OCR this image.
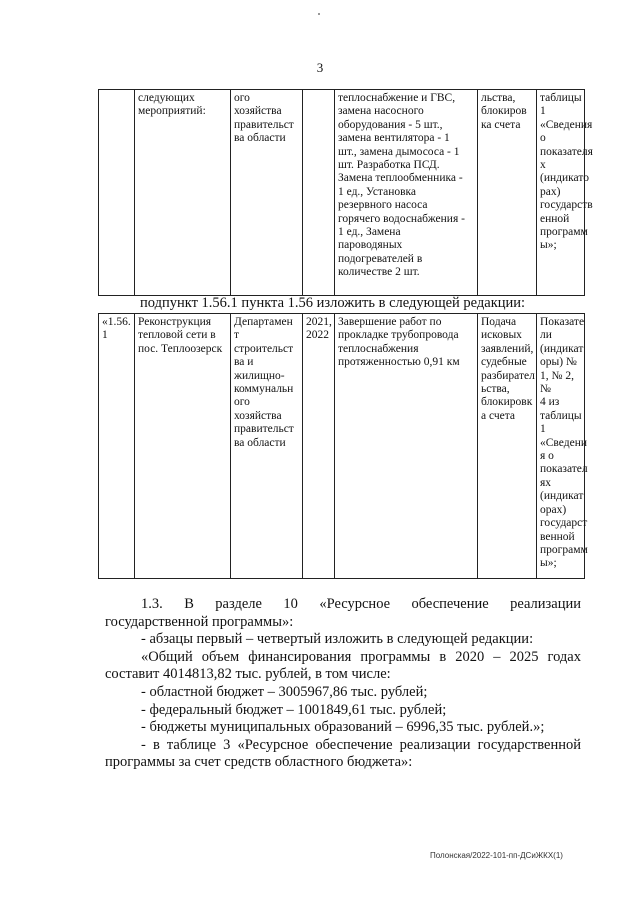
3
	следующих
мероприятий:	ого
хозяйства
правительст
ва области		теплоснабжение и ГВС,
замена насосного
оборудования - 5 шт.,
замена вентилятора - 1
шт., замена дымососа - 1
шт. Разработка ПСД.
Замена теплообменника -
1 ед., Установка
резервного насоса
горячего водоснабжения -
1 ед., Замена
пароводяных
подогревателей в
количестве 2 шт.	льства,
блокиров
ка счета	таблицы 1
«Сведения
о
показателя
х
(индикато
рах)
государств
енной
программ
ы»;
подпункт 1.56.1 пункта 1.56 изложить в следующей редакции:
«1.56.
1	Реконструкция
тепловой сети в
пос. Теплоозерск	Департамен
т
строительст
ва и
жилищно-
коммунальн
ого
хозяйства
правительст
ва области	2021,
2022	Завершение работ по
прокладке трубопровода
теплоснабжения
протяженностью 0,91 км	Подача
исковых
заявлений,
судебные
разбирател
ьства,
блокировк
а счета	Показате
ли
(индикат
оры) №
1, № 2, №
4 из
таблицы
1
«Сведени
я о
показател
ях
(индикат
орах)
государст
венной
программ
ы»;

1.3. В разделе 10 «Ресурсное обеспечение реализации государственной программы»:

- абзацы первый – четвертый изложить в следующей редакции:

«Общий объем финансирования программы в 2020 – 2025 годах составит 4014813,82 тыс. рублей, в том числе:

- областной бюджет – 3005967,86 тыс. рублей;

- федеральный бюджет – 1001849,61 тыс. рублей;

- бюджеты муниципальных образований – 6996,35 тыс. рублей.»;

- в таблице 3 «Ресурсное обеспечение реализации государственной программы за счет средств областного бюджета»:

Полонская/2022-101-пп-ДСиЖКХ(1)
